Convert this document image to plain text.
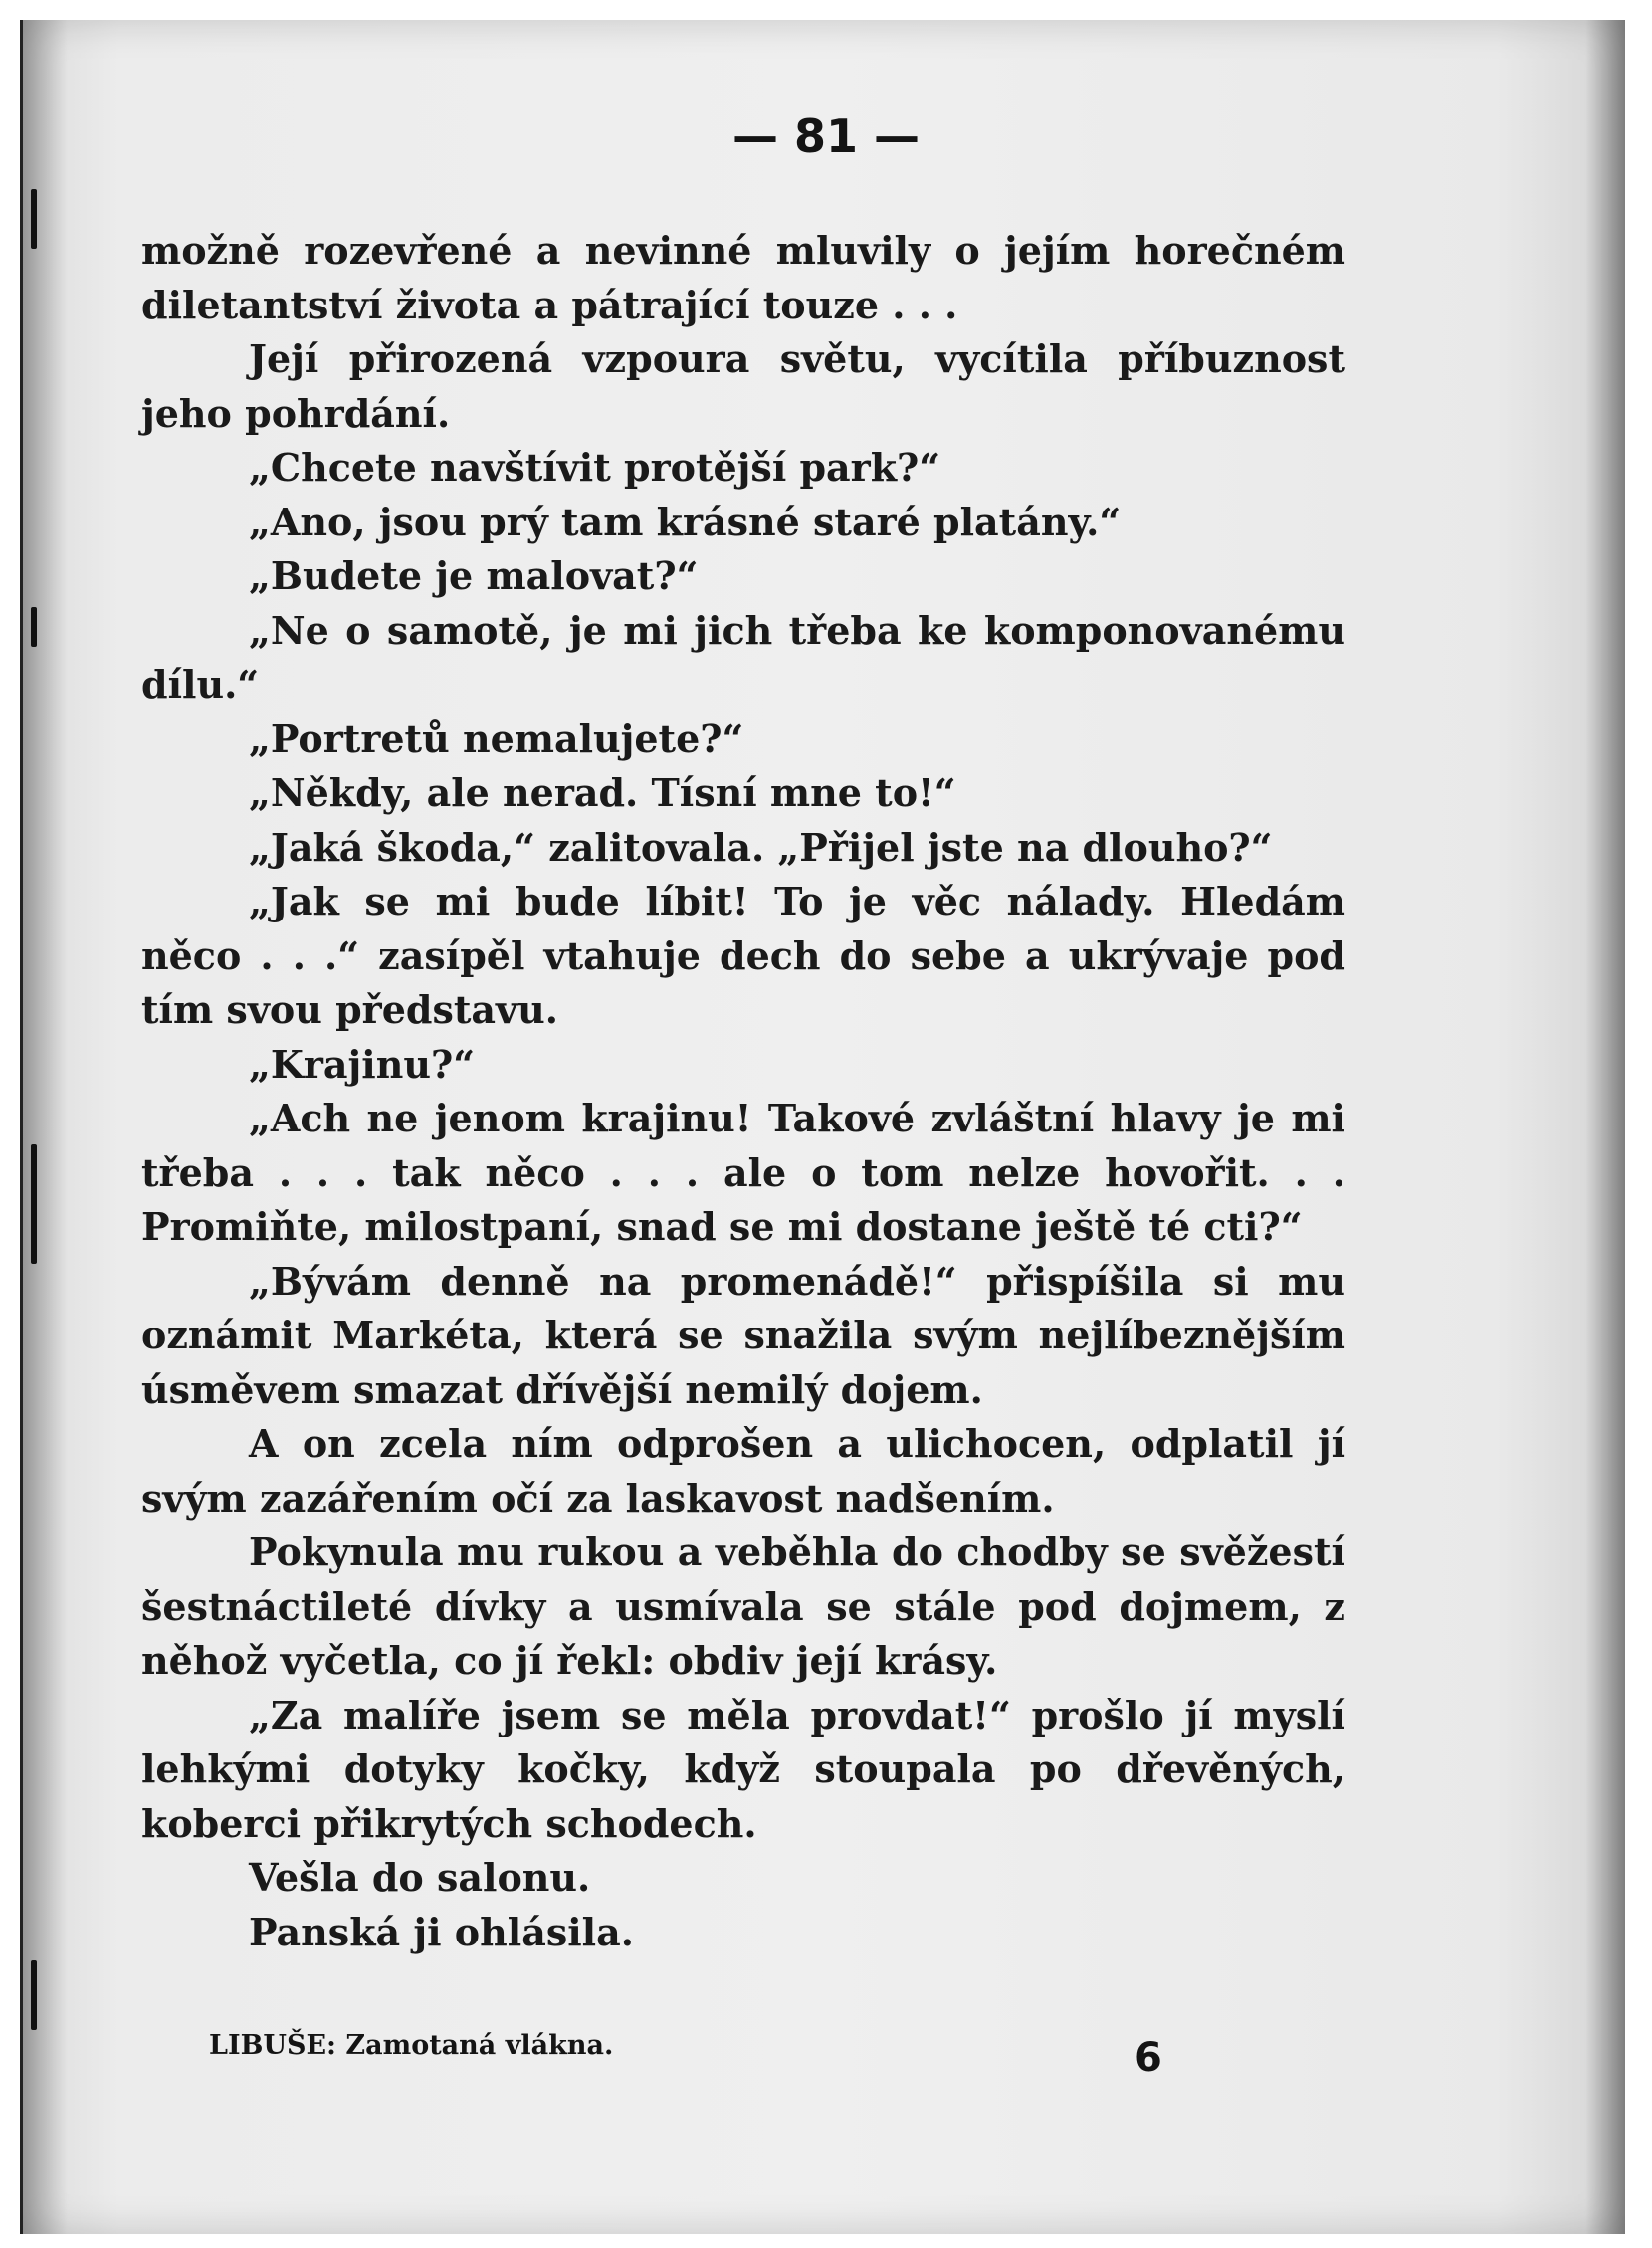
— 81 —

možně rozevřené a nevinné mluvily o jejím horečném diletantství života a pátrající touze . . .

Její přirozená vzpoura světu, vycítila příbuznost jeho pohrdání.

„Chcete navštívit protější park?“

„Ano, jsou prý tam krásné staré platány.“

„Budete je malovat?“

„Ne o samotě, je mi jich třeba ke komponovanému dílu.“

„Portretů nemalujete?“

„Někdy, ale nerad. Tísní mne to!“

„Jaká škoda,“ zalitovala. „Přijel jste na dlouho?“

„Jak se mi bude líbit! To je věc nálady. Hledám něco . . .“ zasípěl vtahuje dech do sebe a ukrývaje pod tím svou představu.

„Krajinu?“

„Ach ne jenom krajinu! Takové zvláštní hlavy je mi třeba . . . tak něco . . . ale o tom nelze hovořit. . . Promiňte, milostpaní, snad se mi dostane ještě té cti?“

„Bývám denně na promenádě!“ přispíšila si mu oznámit Markéta, která se snažila svým nejlíbeznějším úsměvem smazat dřívější nemilý dojem.

A on zcela ním odprošen a ulichocen, odplatil jí svým zazářením očí za laskavost nadšením.

Pokynula mu rukou a veběhla do chodby se svěžestí šestnáctileté dívky a usmívala se stále pod dojmem, z něhož vyčetla, co jí řekl: obdiv její krásy.

„Za malíře jsem se měla provdat!“ prošlo jí myslí lehkými dotyky kočky, když stoupala po dřevěných, koberci přikrytých schodech.

Vešla do salonu.

Panská ji ohlásila.

LIBUŠE: Zamotaná vlákna.	6
